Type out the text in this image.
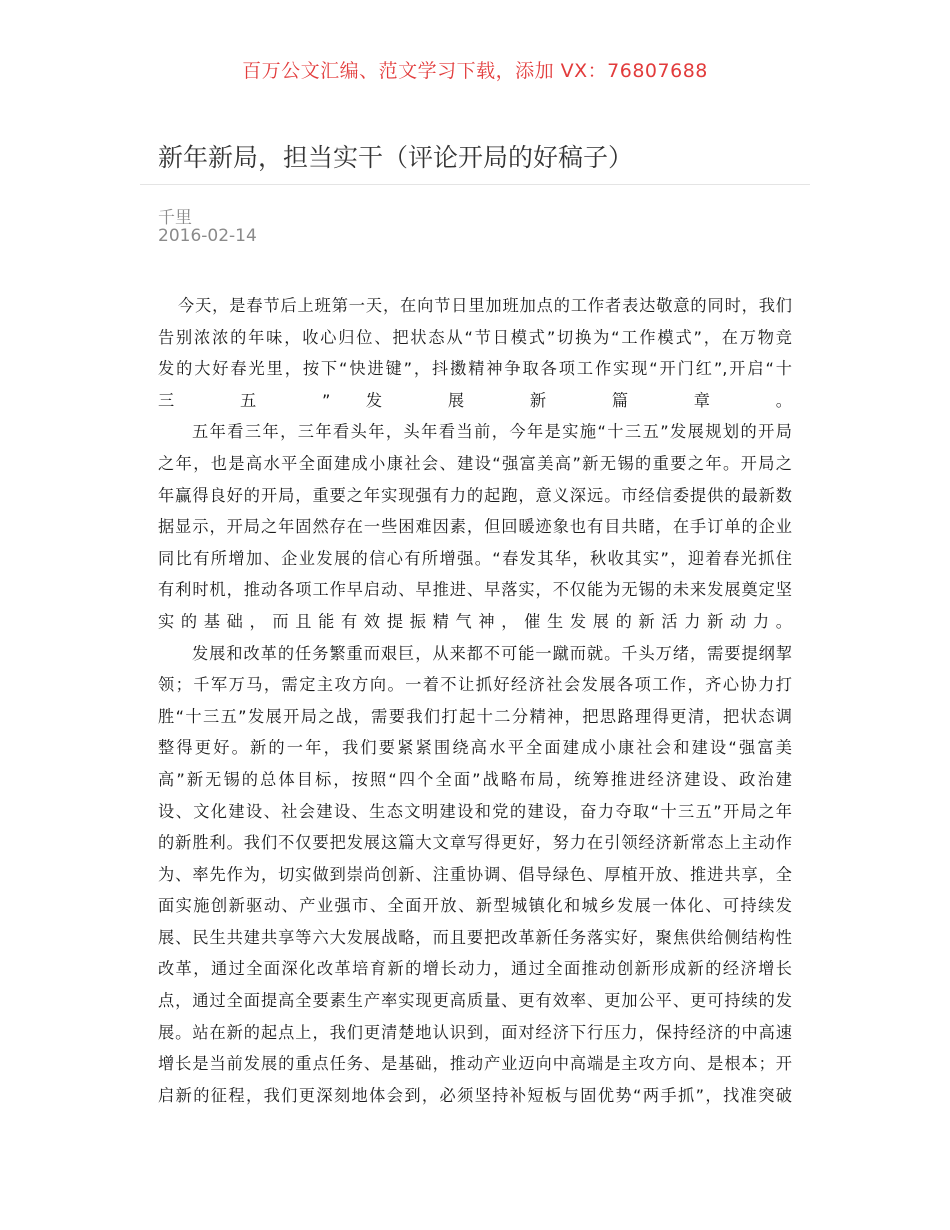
百万公文汇编、范文学习下载，添加 VX：76807688
新年新局，担当实干（评论开局的好稿子）
千里
2016-02-14
今天，是春节后上班第一天，在向节日里加班加点的工作者表达敬意的同时，我们
告别浓浓的年味，收心归位、把状态从“节日模式”切换为“工作模式”，在万物竞
发的大好春光里，按下“快进键”，抖擞精神争取各项工作实现“开门红”,开启“十
三 五 ” 发 展 新 篇 章 。
五年看三年，三年看头年，头年看当前，今年是实施“十三五”发展规划的开局
之年，也是高水平全面建成小康社会、建设“强富美高”新无锡的重要之年。开局之
年赢得良好的开局，重要之年实现强有力的起跑，意义深远。市经信委提供的最新数
据显示，开局之年固然存在一些困难因素，但回暖迹象也有目共睹，在手订单的企业
同比有所增加、企业发展的信心有所增强。“春发其华，秋收其实”，迎着春光抓住
有利时机，推动各项工作早启动、早推进、早落实，不仅能为无锡的未来发展奠定坚
实的基础，而且能有效提振精气神，催生发展的新活力新动力。
发展和改革的任务繁重而艰巨，从来都不可能一蹴而就。千头万绪，需要提纲挈
领；千军万马，需定主攻方向。一着不让抓好经济社会发展各项工作，齐心协力打
胜“十三五”发展开局之战，需要我们打起十二分精神，把思路理得更清，把状态调
整得更好。新的一年，我们要紧紧围绕高水平全面建成小康社会和建设“强富美
高”新无锡的总体目标，按照“四个全面”战略布局，统筹推进经济建设、政治建
设、文化建设、社会建设、生态文明建设和党的建设，奋力夺取“十三五”开局之年
的新胜利。我们不仅要把发展这篇大文章写得更好，努力在引领经济新常态上主动作
为、率先作为，切实做到崇尚创新、注重协调、倡导绿色、厚植开放、推进共享，全
面实施创新驱动、产业强市、全面开放、新型城镇化和城乡发展一体化、可持续发
展、民生共建共享等六大发展战略，而且要把改革新任务落实好，聚焦供给侧结构性
改革，通过全面深化改革培育新的增长动力，通过全面推动创新形成新的经济增长
点，通过全面提高全要素生产率实现更高质量、更有效率、更加公平、更可持续的发
展。站在新的起点上，我们更清楚地认识到，面对经济下行压力，保持经济的中高速
增长是当前发展的重点任务、是基础，推动产业迈向中高端是主攻方向、是根本；开
启新的征程，我们更深刻地体会到，必须坚持补短板与固优势“两手抓”，找准突破
